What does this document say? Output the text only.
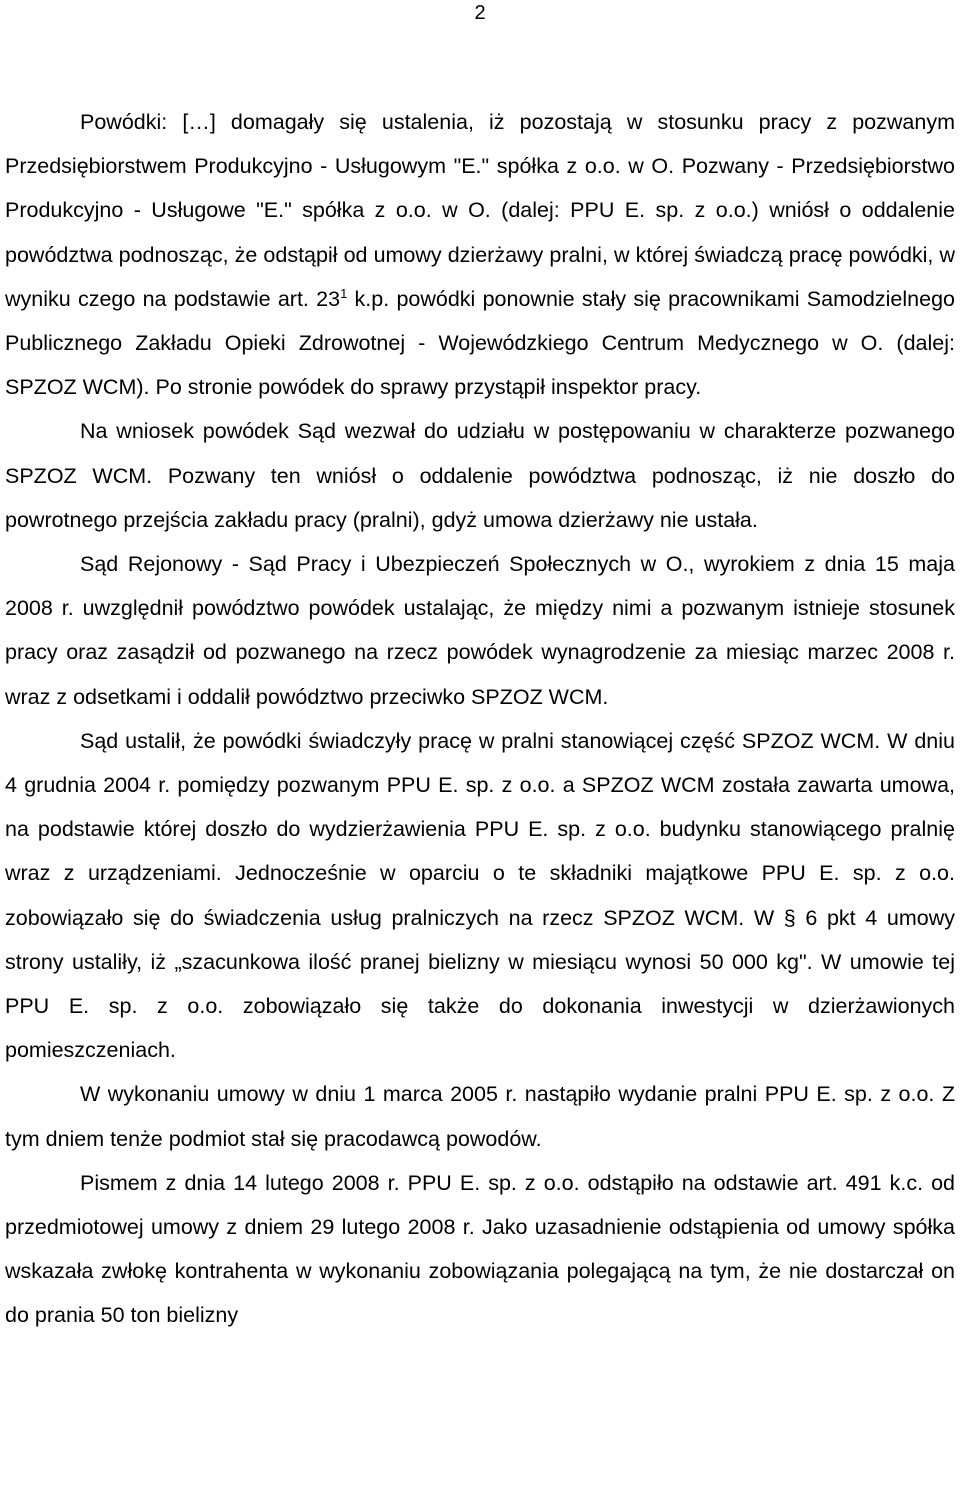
2

Powódki: […] domagały się ustalenia, iż pozostają w stosunku pracy z pozwanym Przedsiębiorstwem Produkcyjno - Usługowym "E." spółka z o.o. w O. Pozwany - Przedsiębiorstwo Produkcyjno - Usługowe "E." spółka z o.o. w O. (dalej: PPU E. sp. z o.o.) wniósł o oddalenie powództwa podnosząc, że odstąpił od umowy dzierżawy pralni, w której świadczą pracę powódki, w wyniku czego na podstawie art. $23^1$ k.p. powódki ponownie stały się pracownikami Samodzielnego Publicznego Zakładu Opieki Zdrowotnej - Wojewódzkiego Centrum Medycznego w O. (dalej: SPZOZ WCM). Po stronie powódek do sprawy przystąpił inspektor pracy.

Na wniosek powódek Sąd wezwał do udziału w postępowaniu w charakterze pozwanego SPZOZ WCM. Pozwany ten wniósł o oddalenie powództwa podnosząc, iż nie doszło do powrotnego przejścia zakładu pracy (pralni), gdyż umowa dzierżawy nie ustała.

Sąd Rejonowy - Sąd Pracy i Ubezpieczeń Społecznych w O., wyrokiem z dnia 15 maja 2008 r. uwzględnił powództwo powódek ustalając, że między nimi a pozwanym istnieje stosunek pracy oraz zasądził od pozwanego na rzecz powódek wynagrodzenie za miesiąc marzec 2008 r. wraz z odsetkami i oddalił powództwo przeciwko SPZOZ WCM.

Sąd ustalił, że powódki świadczyły pracę w pralni stanowiącej część SPZOZ WCM. W dniu 4 grudnia 2004 r. pomiędzy pozwanym PPU E. sp. z o.o. a SPZOZ WCM została zawarta umowa, na podstawie której doszło do wydzierżawienia PPU E. sp. z o.o. budynku stanowiącego pralnię wraz z urządzeniami. Jednocześnie w oparciu o te składniki majątkowe PPU E. sp. z o.o. zobowiązało się do świadczenia usług pralniczych na rzecz SPZOZ WCM. W § 6 pkt 4 umowy strony ustaliły, iż „szacunkowa ilość pranej bielizny w miesiącu wynosi 50 000 kg". W umowie tej PPU E. sp. z o.o. zobowiązało się także do dokonania inwestycji w dzierżawionych pomieszczeniach.

W wykonaniu umowy w dniu 1 marca 2005 r. nastąpiło wydanie pralni PPU E. sp. z o.o. Z tym dniem tenże podmiot stał się pracodawcą powodów.

Pismem z dnia 14 lutego 2008 r. PPU E. sp. z o.o. odstąpiło na odstawie art. 491 k.c. od przedmiotowej umowy z dniem 29 lutego 2008 r. Jako uzasadnienie odstąpienia od umowy spółka wskazała zwłokę kontrahenta w wykonaniu zobowiązania polegającą na tym, że nie dostarczał on do prania 50 ton bielizny
